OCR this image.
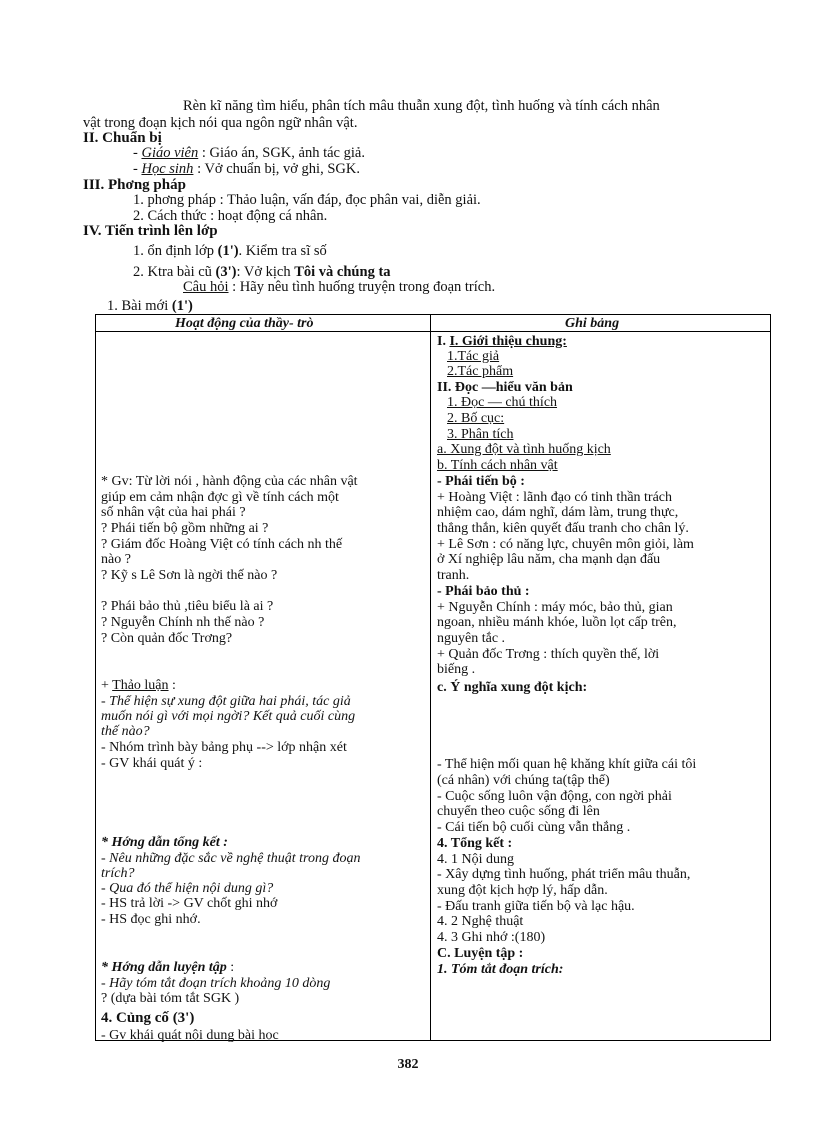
Rèn kĩ năng tìm hiểu, phân tích mâu thuẫn xung đột, tình huống và tính cách nhân
vật trong đoạn kịch nói qua ngôn ngữ nhân vật.
II. Chuẩn bị
- Giáo viên : Giáo án, SGK, ảnh tác giả.
- Học sinh : Vở chuẩn bị, vở ghi, SGK.
III. Phơng pháp
1. phơng pháp : Thảo luận, vấn đáp, đọc phân vai, diễn giải.
2. Cách thức : hoạt động cá nhân.
IV. Tiến trình lên lớp
1. ổn định lớp (1'). Kiểm tra sĩ số
2. Ktra bài cũ (3'): Vở kịch Tôi và chúng ta
Câu hỏi : Hãy nêu tình huống truyện trong đoạn trích.
1. Bài mới (1')
Hoạt động của thầy- trò	Ghi bảng
* Gv: Từ lời nói , hành động của các nhân vật
giúp em cảm nhận đợc gì về tính cách một
số nhân vật của hai phái ?
? Phái tiến bộ gồm những ai ?
? Giám đốc Hoàng Việt có tính cách nh thế
nào ?
? Kỹ s Lê Sơn là ngời thế nào ?
? Phái bảo thủ ,tiêu biểu là ai ?
? Nguyễn Chính nh thế nào ?
? Còn quản đốc Trơng?
+ Thảo luận :
- Thể hiện sự xung đột giữa hai phái, tác giả
muốn nói gì với mọi ngời? Kết quả cuối cùng
thế nào?
- Nhóm trình bày bảng phụ --> lớp nhận xét
- GV khái quát ý :
* Hớng dẫn tổng kết :
- Nêu những đặc sắc về nghệ thuật trong đoạn
trích?
- Qua đó thể hiện nội dung gì?
- HS trả lời -> GV chốt ghi nhớ
- HS đọc ghi nhớ.
* Hớng dẫn luyện tập :
- Hãy tóm tắt đoạn trích khoảng 10 dòng
? (dựa bài tóm tắt SGK )
4. Củng cố (3')
- Gv khái quát nội dung bài học
I. I. Giới thiệu chung:
1.Tác giả
2.Tác phẩm
II. Đọc —hiểu văn bản
1. Đọc — chú thích
2. Bố cục:
3. Phân tích
a. Xung đột và tình huống kịch
b. Tính cách nhân vật
- Phái tiến bộ :
+ Hoàng Việt : lãnh đạo có tinh thần trách
nhiệm cao, dám nghĩ, dám làm, trung thực,
thẳng thắn, kiên quyết đấu tranh cho chân lý.
+ Lê Sơn : có năng lực, chuyên môn giỏi, làm
ở Xí nghiệp lâu năm, cha mạnh dạn đấu
tranh.
- Phái bảo thủ :
+ Nguyễn Chính : máy móc, bảo thủ, gian
ngoan, nhiều mánh khóe, luồn lọt cấp trên,
nguyên tắc .
+ Quản đốc Trơng : thích quyền thế, lời
biếng .
c. Ý nghĩa xung đột kịch:
- Thể hiện mối quan hệ khăng khít giữa cái tôi
(cá nhân) với chúng ta(tập thể)
- Cuộc sống luôn vận động, con ngời phải
chuyển theo cuộc sống đi lên
- Cái tiến bộ cuối cùng vẫn thắng .
4. Tổng kết :
4. 1 Nội dung
- Xây dựng tình huống, phát triển mâu thuẫn,
xung đột kịch hợp lý, hấp dẫn.
- Đấu tranh giữa tiến bộ và lạc hậu.
4. 2 Nghệ thuật
4. 3 Ghi nhớ :(180)
C. Luyện tập :
1. Tóm tắt đoạn trích:
382
